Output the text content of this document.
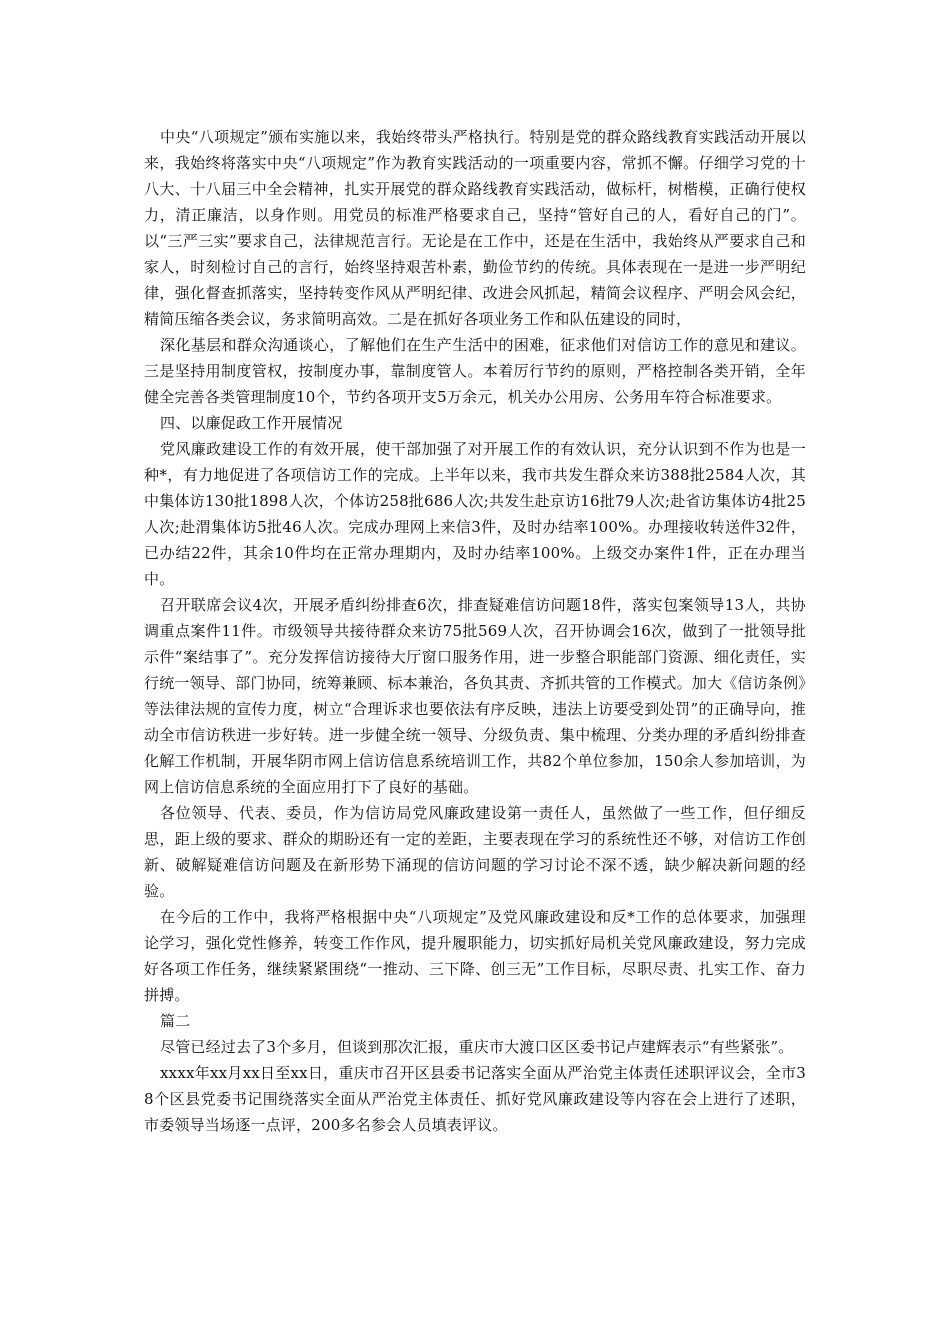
中央“八项规定”颁布实施以来，我始终带头严格执行。特别是党的群众路线教育实践活动开展以来，我始终将落实中央“八项规定”作为教育实践活动的一项重要内容，常抓不懈。仔细学习党的十八大、十八届三中全会精神，扎实开展党的群众路线教育实践活动，做标杆，树楷模，正确行使权力，清正廉洁，以身作则。用党员的标准严格要求自己，坚持“管好自己的人，看好自己的门”。以“三严三实”要求自己，法律规范言行。无论是在工作中，还是在生活中，我始终从严要求自己和家人，时刻检讨自己的言行，始终坚持艰苦朴素，勤俭节约的传统。具体表现在一是进一步严明纪律，强化督查抓落实，坚持转变作风从严明纪律、改进会风抓起，精简会议程序、严明会风会纪，精简压缩各类会议，务求简明高效。二是在抓好各项业务工作和队伍建设的同时，

深化基层和群众沟通谈心，了解他们在生产生活中的困难，征求他们对信访工作的意见和建议。三是坚持用制度管权，按制度办事，靠制度管人。本着厉行节约的原则，严格控制各类开销，全年健全完善各类管理制度10个，节约各项开支5万余元，机关办公用房、公务用车符合标准要求。

四、以廉促政工作开展情况

党风廉政建设工作的有效开展，使干部加强了对开展工作的有效认识，充分认识到不作为也是一种*，有力地促进了各项信访工作的完成。上半年以来，我市共发生群众来访388批2584人次，其中集体访130批1898人次，个体访258批686人次;共发生赴京访16批79人次;赴省访集体访4批25人次;赴渭集体访5批46人次。完成办理网上来信3件，及时办结率100%。办理接收转送件32件，已办结22件，其余10件均在正常办理期内，及时办结率100%。上级交办案件1件，正在办理当中。

召开联席会议4次，开展矛盾纠纷排查6次，排查疑难信访问题18件，落实包案领导13人，共协调重点案件11件。市级领导共接待群众来访75批569人次，召开协调会16次，做到了一批领导批示件“案结事了”。充分发挥信访接待大厅窗口服务作用，进一步整合职能部门资源、细化责任，实行统一领导、部门协同，统筹兼顾、标本兼治，各负其责、齐抓共管的工作模式。加大《信访条例》等法律法规的宣传力度，树立“合理诉求也要依法有序反映，违法上访要受到处罚”的正确导向，推动全市信访秩进一步好转。进一步健全统一领导、分级负责、集中梳理、分类办理的矛盾纠纷排查化解工作机制，开展华阴市网上信访信息系统培训工作，共82个单位参加，150余人参加培训，为网上信访信息系统的全面应用打下了良好的基础。

各位领导、代表、委员，作为信访局党风廉政建设第一责任人，虽然做了一些工作，但仔细反思，距上级的要求、群众的期盼还有一定的差距，主要表现在学习的系统性还不够，对信访工作创新、破解疑难信访问题及在新形势下涌现的信访问题的学习讨论不深不透，缺少解决新问题的经验。

在今后的工作中，我将严格根据中央“八项规定”及党风廉政建设和反*工作的总体要求，加强理论学习，强化党性修养，转变工作作风，提升履职能力，切实抓好局机关党风廉政建设，努力完成好各项工作任务，继续紧紧围绕“一推动、三下降、创三无”工作目标，尽职尽责、扎实工作、奋力拼搏。

篇二

尽管已经过去了3个多月，但谈到那次汇报，重庆市大渡口区区委书记卢建辉表示“有些紧张”。

xxxx年xx月xx日至xx日，重庆市召开区县委书记落实全面从严治党主体责任述职评议会，全市38个区县党委书记围绕落实全面从严治党主体责任、抓好党风廉政建设等内容在会上进行了述职，市委领导当场逐一点评，200多名参会人员填表评议。
